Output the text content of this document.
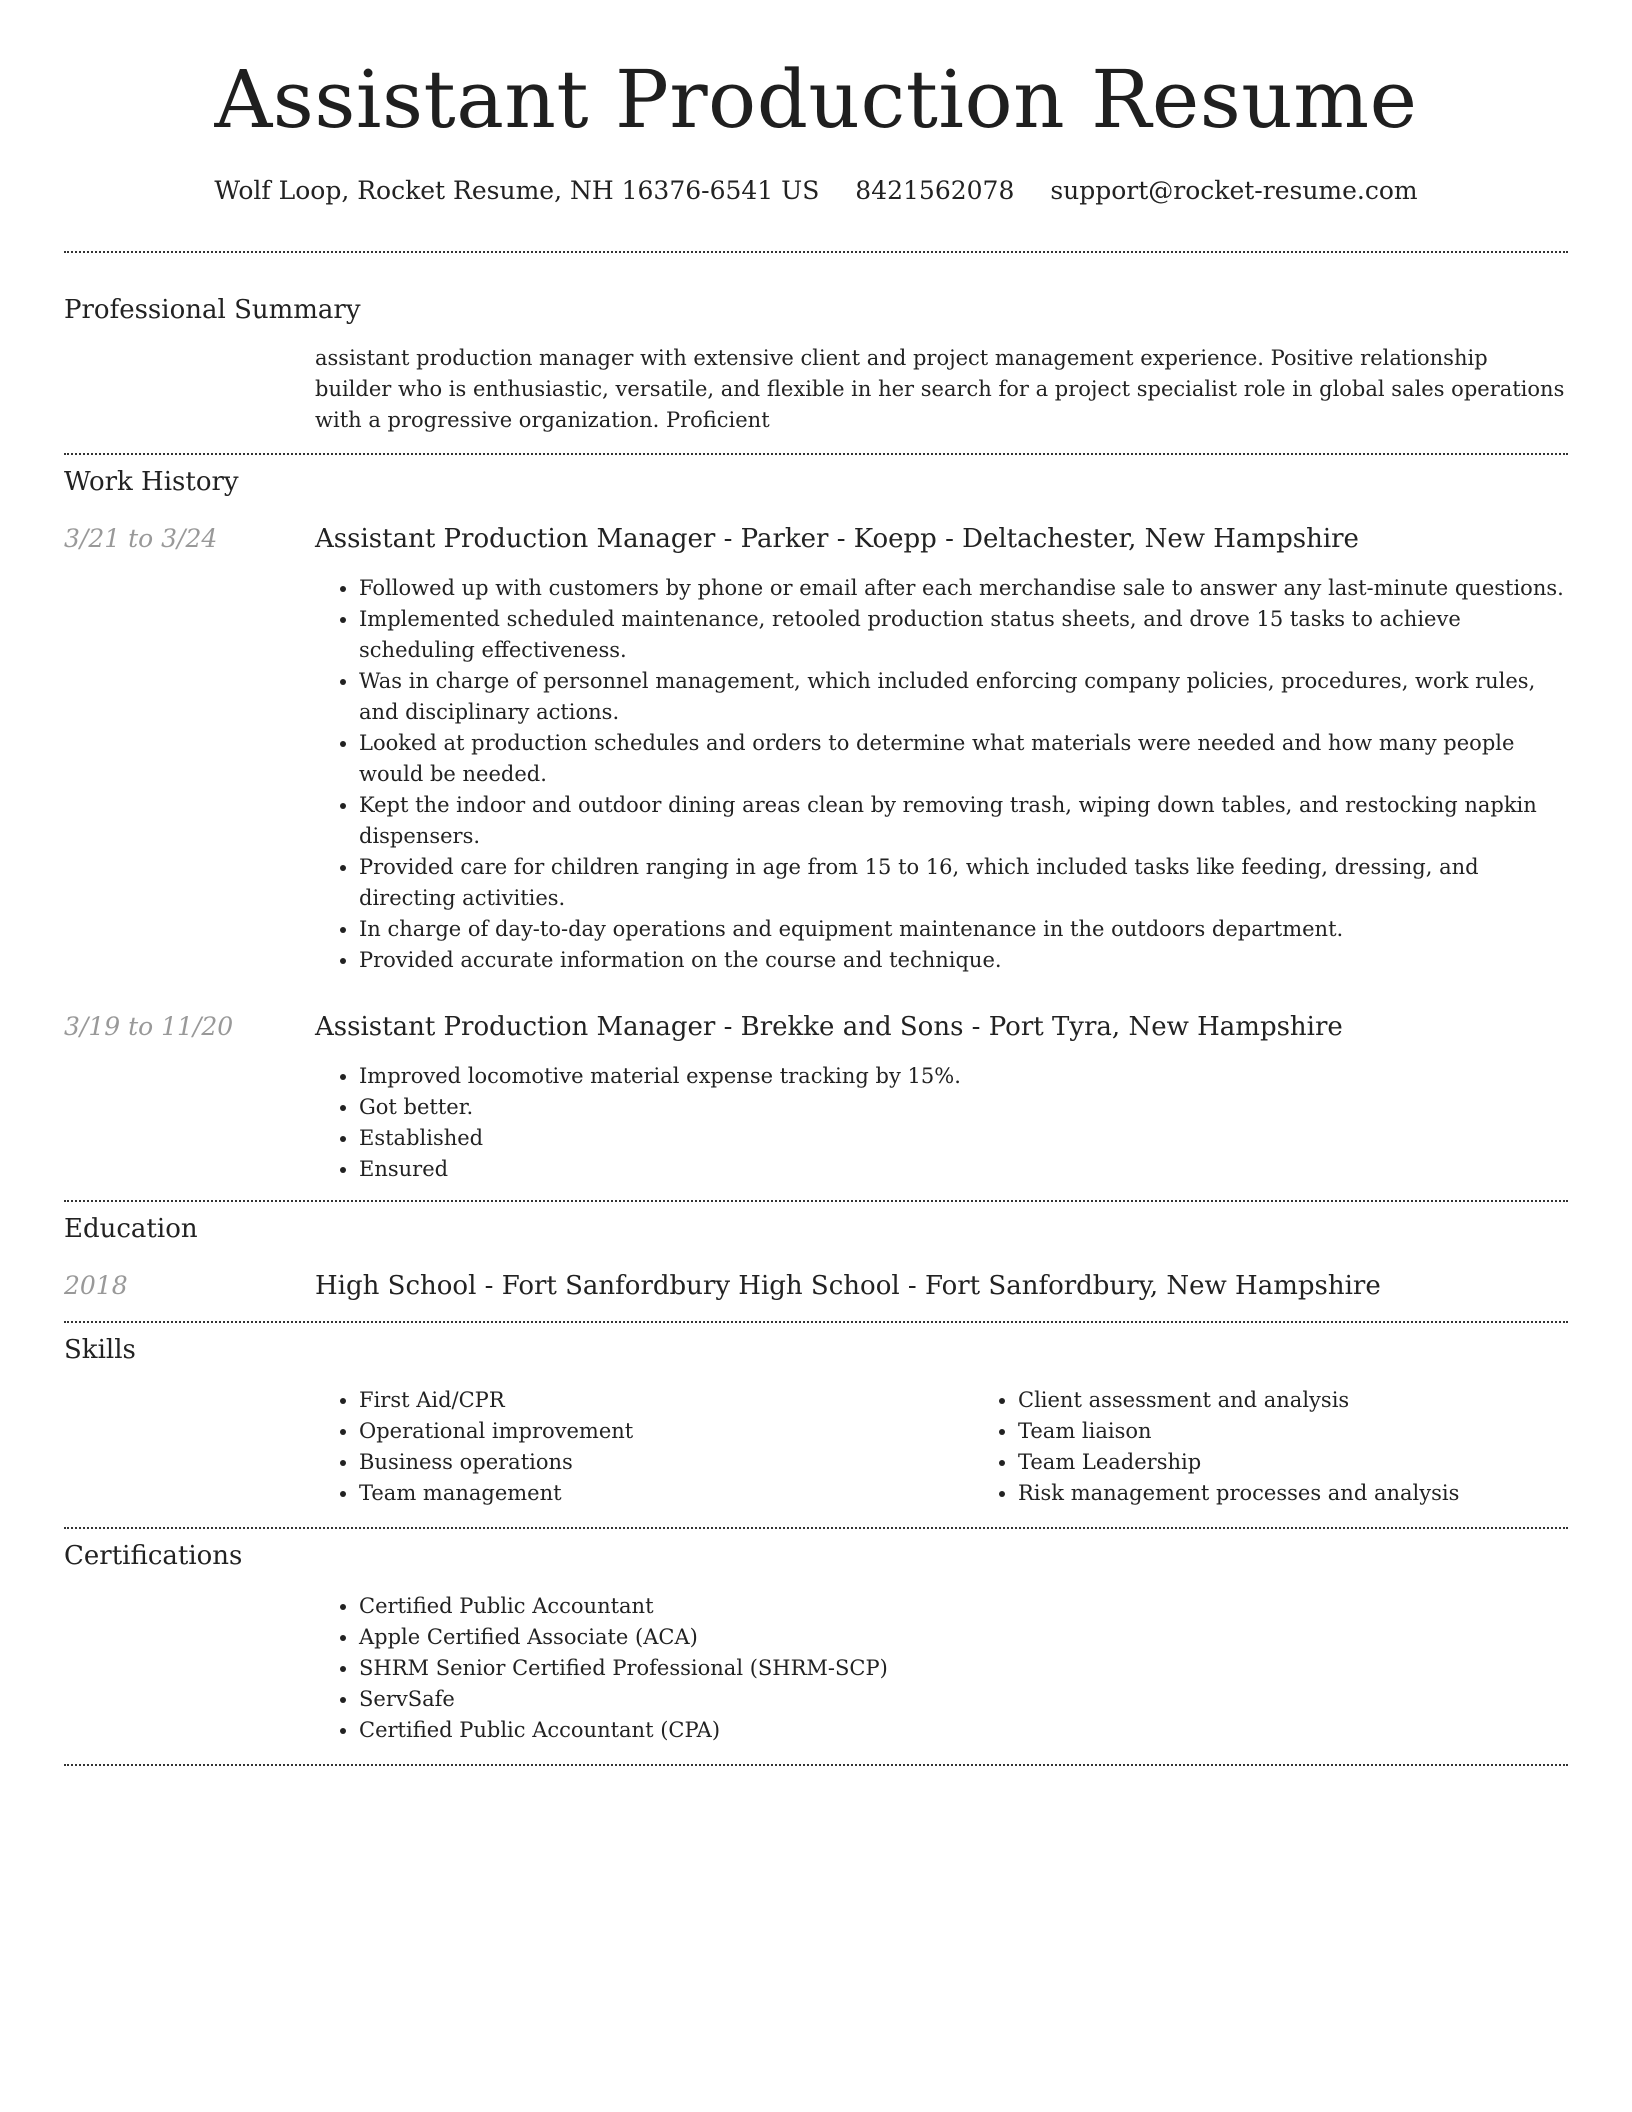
Assistant Production Resume
Wolf Loop, Rocket Resume, NH 16376-6541 US 8421562078 support@rocket-resume.com
Professional Summary
assistant production manager with extensive client and project management experience. Positive relationship builder who is enthusiastic, versatile, and flexible in her search for a project specialist role in global sales operations with a progressive organization. Proficient
Work History
3/21 to 3/24	Assistant Production Manager - Parker - Koepp - Deltachester, New Hampshire
• Followed up with customers by phone or email after each merchandise sale to answer any last-minute questions.
• Implemented scheduled maintenance, retooled production status sheets, and drove 15 tasks to achieve scheduling effectiveness.
• Was in charge of personnel management, which included enforcing company policies, procedures, work rules, and disciplinary actions.
• Looked at production schedules and orders to determine what materials were needed and how many people would be needed.
• Kept the indoor and outdoor dining areas clean by removing trash, wiping down tables, and restocking napkin dispensers.
• Provided care for children ranging in age from 15 to 16, which included tasks like feeding, dressing, and directing activities.
• In charge of day-to-day operations and equipment maintenance in the outdoors department.
• Provided accurate information on the course and technique.
3/19 to 11/20	Assistant Production Manager - Brekke and Sons - Port Tyra, New Hampshire
• Improved locomotive material expense tracking by 15%.
• Got better.
• Established
• Ensured
Education
2018	High School - Fort Sanfordbury High School - Fort Sanfordbury, New Hampshire
Skills
• First Aid/CPR
• Operational improvement
• Business operations
• Team management
• Client assessment and analysis
• Team liaison
• Team Leadership
• Risk management processes and analysis
Certifications
• Certified Public Accountant
• Apple Certified Associate (ACA)
• SHRM Senior Certified Professional (SHRM-SCP)
• ServSafe
• Certified Public Accountant (CPA)
